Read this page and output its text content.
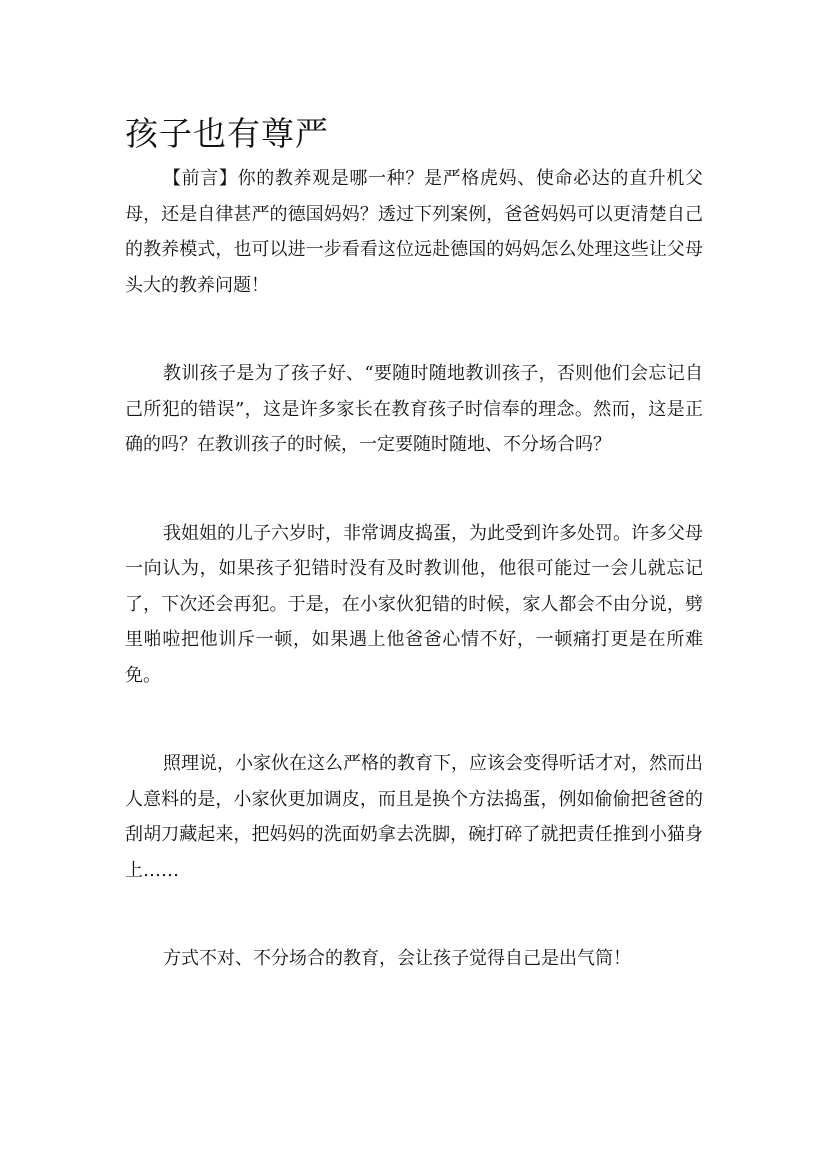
孩子也有尊严

【前言】你的教养观是哪一种？是严格虎妈、使命必达的直升机父母，还是自律甚严的德国妈妈？透过下列案例，爸爸妈妈可以更清楚自己的教养模式，也可以进一步看看这位远赴德国的妈妈怎么处理这些让父母头大的教养问题！

教训孩子是为了孩子好、“要随时随地教训孩子，否则他们会忘记自己所犯的错误”，这是许多家长在教育孩子时信奉的理念。然而，这是正确的吗？在教训孩子的时候，一定要随时随地、不分场合吗？

我姐姐的儿子六岁时，非常调皮捣蛋，为此受到许多处罚。许多父母一向认为，如果孩子犯错时没有及时教训他，他很可能过一会儿就忘记了，下次还会再犯。于是，在小家伙犯错的时候，家人都会不由分说，劈里啪啦把他训斥一顿，如果遇上他爸爸心情不好，一顿痛打更是在所难免。

照理说，小家伙在这么严格的教育下，应该会变得听话才对，然而出人意料的是，小家伙更加调皮，而且是换个方法捣蛋，例如偷偷把爸爸的刮胡刀藏起来，把妈妈的洗面奶拿去洗脚，碗打碎了就把责任推到小猫身上……

方式不对、不分场合的教育，会让孩子觉得自己是出气筒！
